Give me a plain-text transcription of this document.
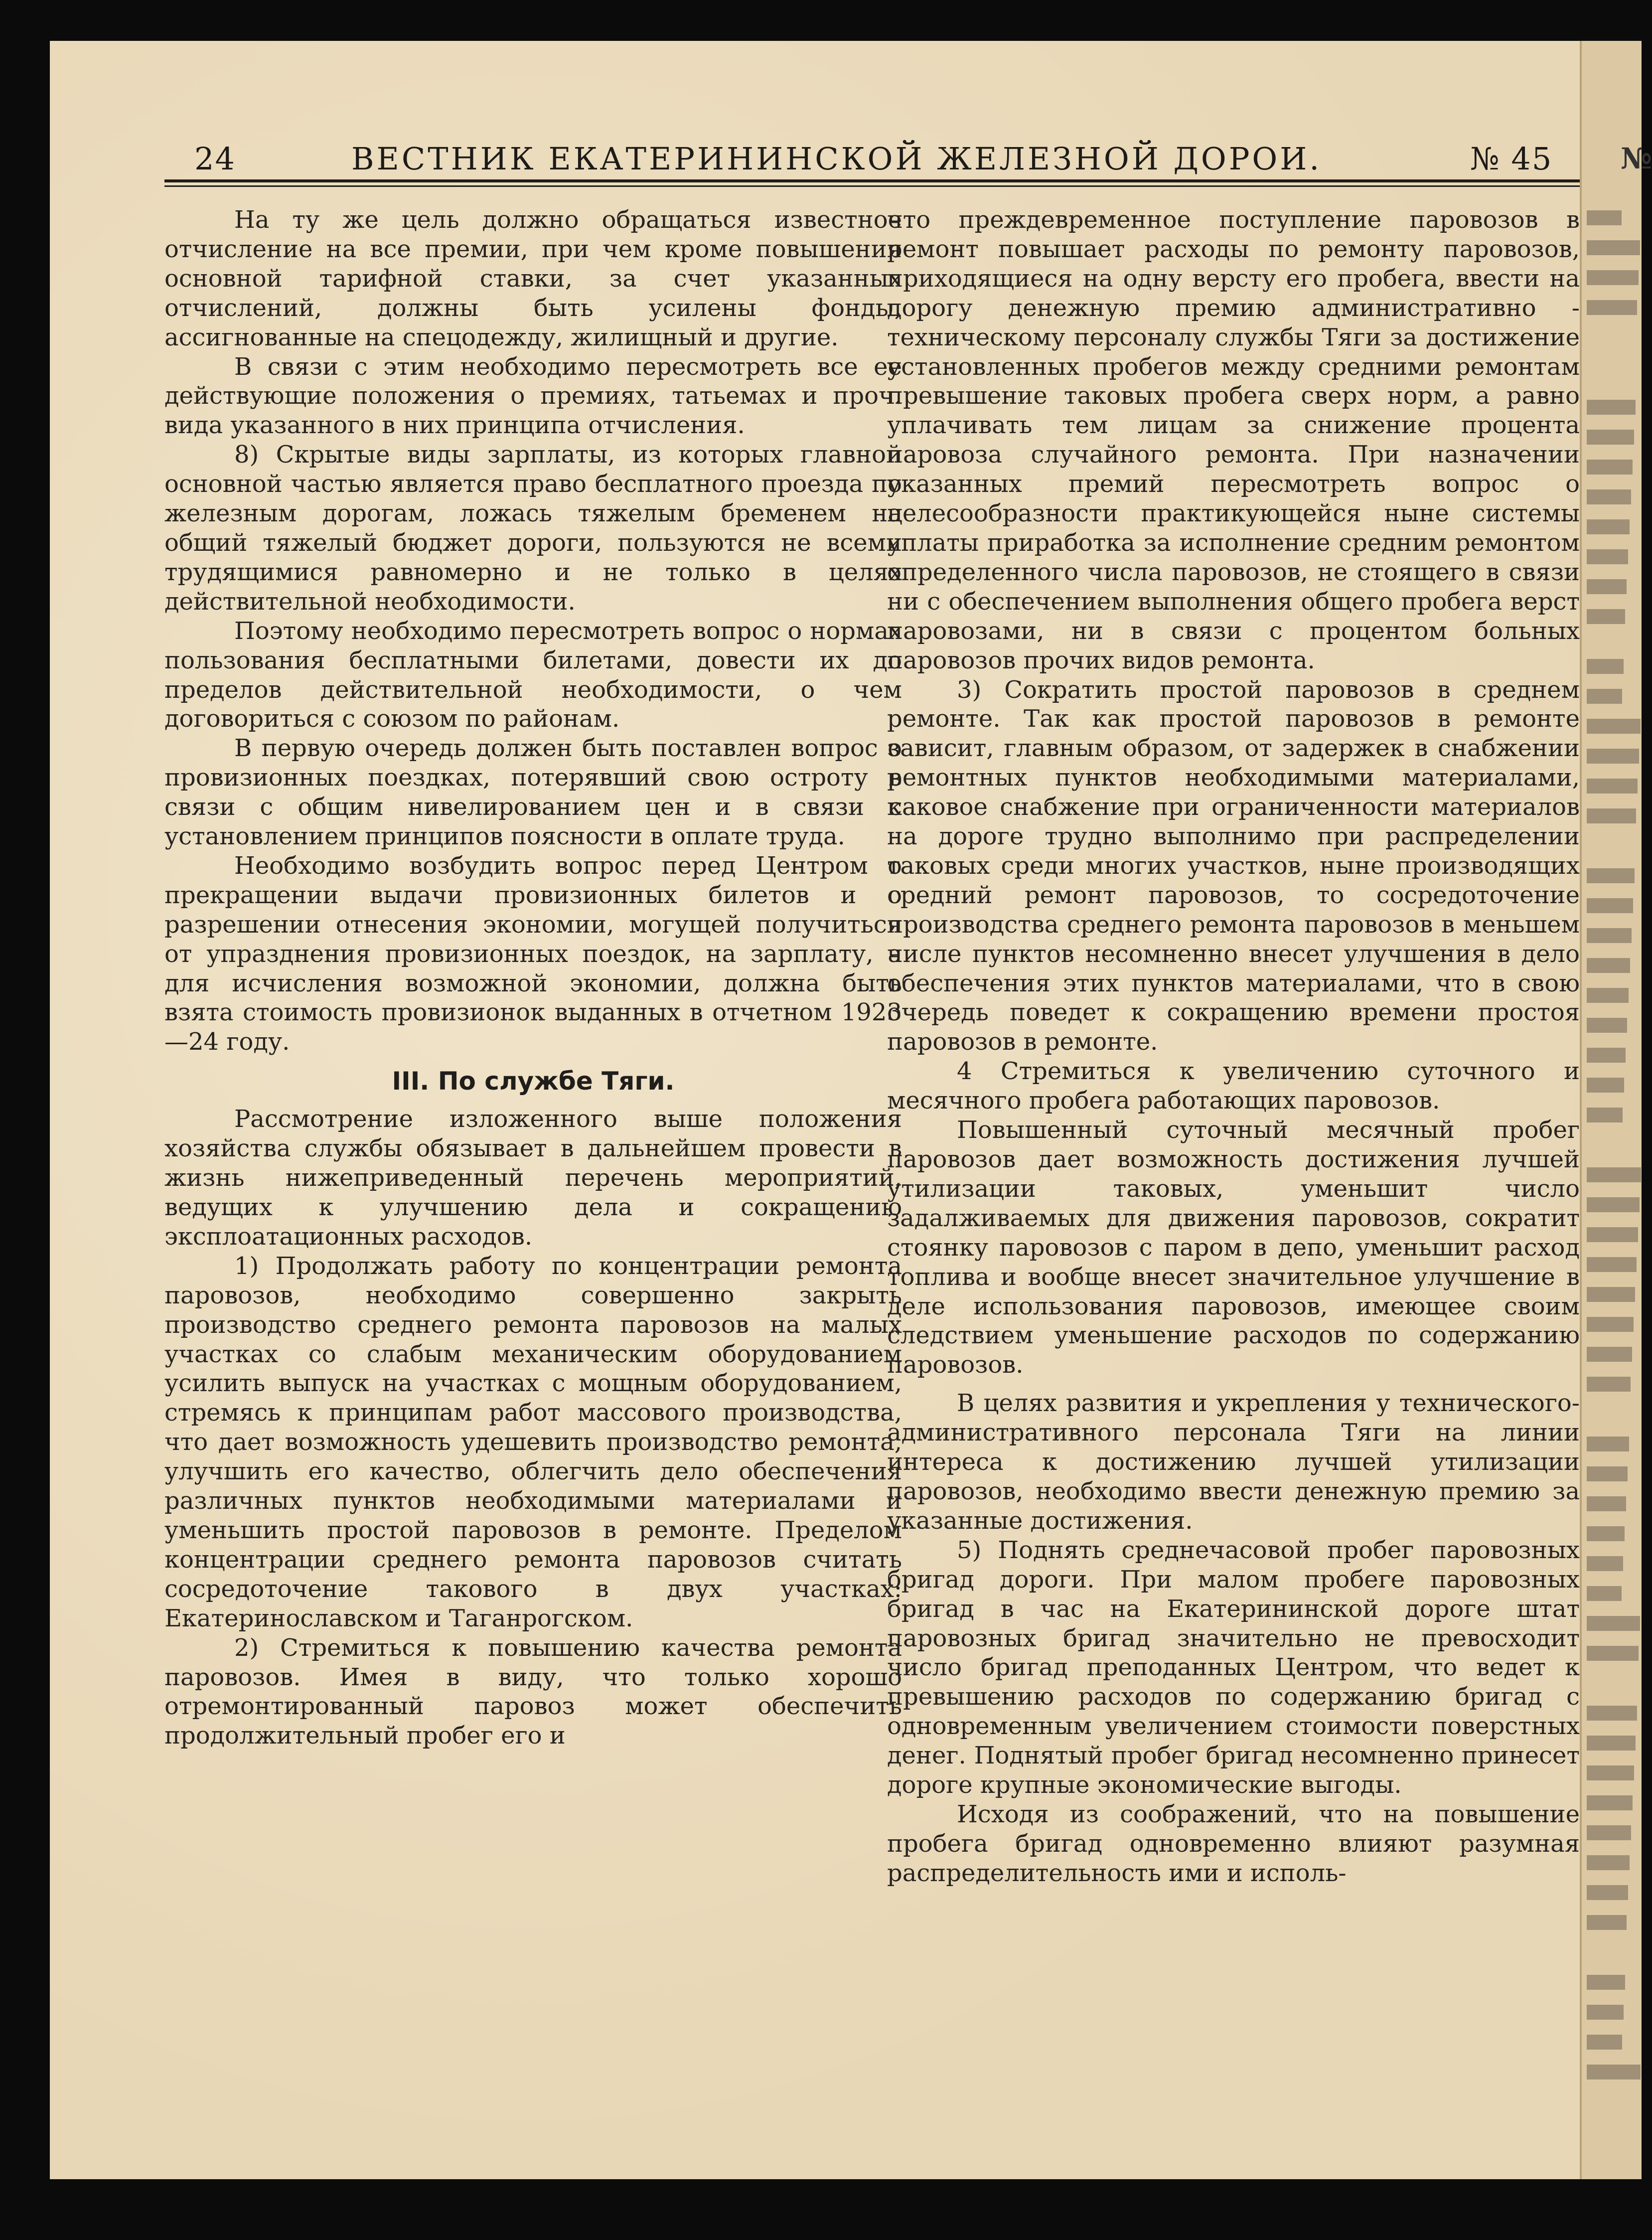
24	ВЕСТНИК ЕКАТЕРИНИНСКОЙ ЖЕЛЕЗНОЙ ДОРОИ.	№ 45

На ту же цель должно обращаться известное отчисление на все премии, при чем кроме повышения основной тарифной ставки, за счет указанных отчислений, должны быть усилены фонды, ассигнованные на спецодежду, жилищный и другие.

В связи с этим необходимо пересмотреть все ее действующие положения о премиях, татьемах и проч. вида указанного в них принципа отчисления.

8) Скрытые виды зарплаты, из которых главной основной частью является право бесплатного проезда по железным дорогам, ложась тяжелым бременем на общий тяжелый бюджет дороги, пользуются не всеми трудящимися равномерно и не только в целях действительной необходимости.

Поэтому необходимо пересмотреть вопрос о нормах пользования бесплатными билетами, довести их до пределов действительной необходимости, о чем договориться с союзом по районам.

В первую очередь должен быть поставлен вопрос о провизионных поездках, потерявший свою остроту в связи с общим нивелированием цен и в связи с установлением принципов поясности в оплате труда.

Необходимо возбудить вопрос перед Центром о прекращении выдачи провизионных билетов и о разрешении отнесения экономии, могущей получиться от упразднения провизионных поездок, на зарплату, а для исчисления возможной экономии, должна быть взята стоимость провизионок выданных в отчетном 1923—24 году.

III. По службе Тяги.

Рассмотрение изложенного выше положения хозяйства службы обязывает в дальнейшем провести в жизнь нижеприведенный перечень мероприятий, ведущих к улучшению дела и сокращению эксплоатационных расходов.

1) Продолжать работу по концентрации ремонта паровозов, необходимо совершенно закрыть производство среднего ремонта паровозов на малых участках со слабым механическим оборудованием усилить выпуск на участках с мощным оборудованием, стремясь к принципам работ массового производства, что дает возможность удешевить производство ремонта, улучшить его качество, облегчить дело обеспечения различных пунктов необходимыми материалами и уменьшить простой паровозов в ремонте. Пределом концентрации среднего ремонта паровозов считать сосредоточение такового в двух участках: Екатеринославском и Таганрогском.

2) Стремиться к повышению качества ремонта паровозов. Имея в виду, что только хорошо отремонтированный паровоз может обеспечить продолжительный пробег его и

что преждевременное поступление паровозов в ремонт повышает расходы по ремонту паровозов, приходящиеся на одну версту его пробега, ввести на дорогу денежную премию административно - техническому персоналу службы Тяги за достижение установленных пробегов между средними ремонтам превышение таковых пробега сверх норм, а равно уплачивать тем лицам за снижение процента паровоза случайного ремонта. При назначении указанных премий пересмотреть вопрос о целесообразности практикующейся ныне системы уплаты приработка за исполнение средним ремонтом определенного числа паровозов, не стоящего в связи ни с обеспечением выполнения общего пробега верст паровозами, ни в связи с процентом больных паровозов прочих видов ремонта.

3) Сократить простой паровозов в среднем ремонте. Так как простой паровозов в ремонте зависит, главным образом, от задержек в снабжении ремонтных пунктов необходимыми материалами, каковое снабжение при ограниченности материалов на дороге трудно выполнимо при распределении таковых среди многих участков, ныне производящих средний ремонт паровозов, то сосредоточение производства среднего ремонта паровозов в меньшем числе пунктов несомненно внесет улучшения в дело обеспечения этих пунктов материалами, что в свою очередь поведет к сокращению времени простоя паровозов в ремонте.

4 Стремиться к увеличению суточного и месячного пробега работающих паровозов.

Повышенный суточный месячный пробег паровозов дает возможность достижения лучшей утилизации таковых, уменьшит число задалживаемых для движения паровозов, сократит стоянку паровозов с паром в депо, уменьшит расход топлива и вообще внесет значительное улучшение в деле использования паровозов, имеющее своим следствием уменьшение расходов по содержанию паровозов.

В целях развития и укрепления у технического-административного персонала Тяги на линии интереса к достижению лучшей утилизации паровозов, необходимо ввести денежную премию за указанные достижения.

5) Поднять среднечасовой пробег паровозных бригад дороги. При малом пробеге паровозных бригад в час на Екатерининской дороге штат паровозных бригад значительно не превосходит число бригад преподанных Центром, что ведет к превышению расходов по содержанию бригад с одновременным увеличением стоимости поверстных денег. Поднятый пробег бригад несомненно принесет дороге крупные экономические выгоды.

Исходя из соображений, что на повышение пробега бригад одновременно влияют разумная распределительность ими и исполь-

№
